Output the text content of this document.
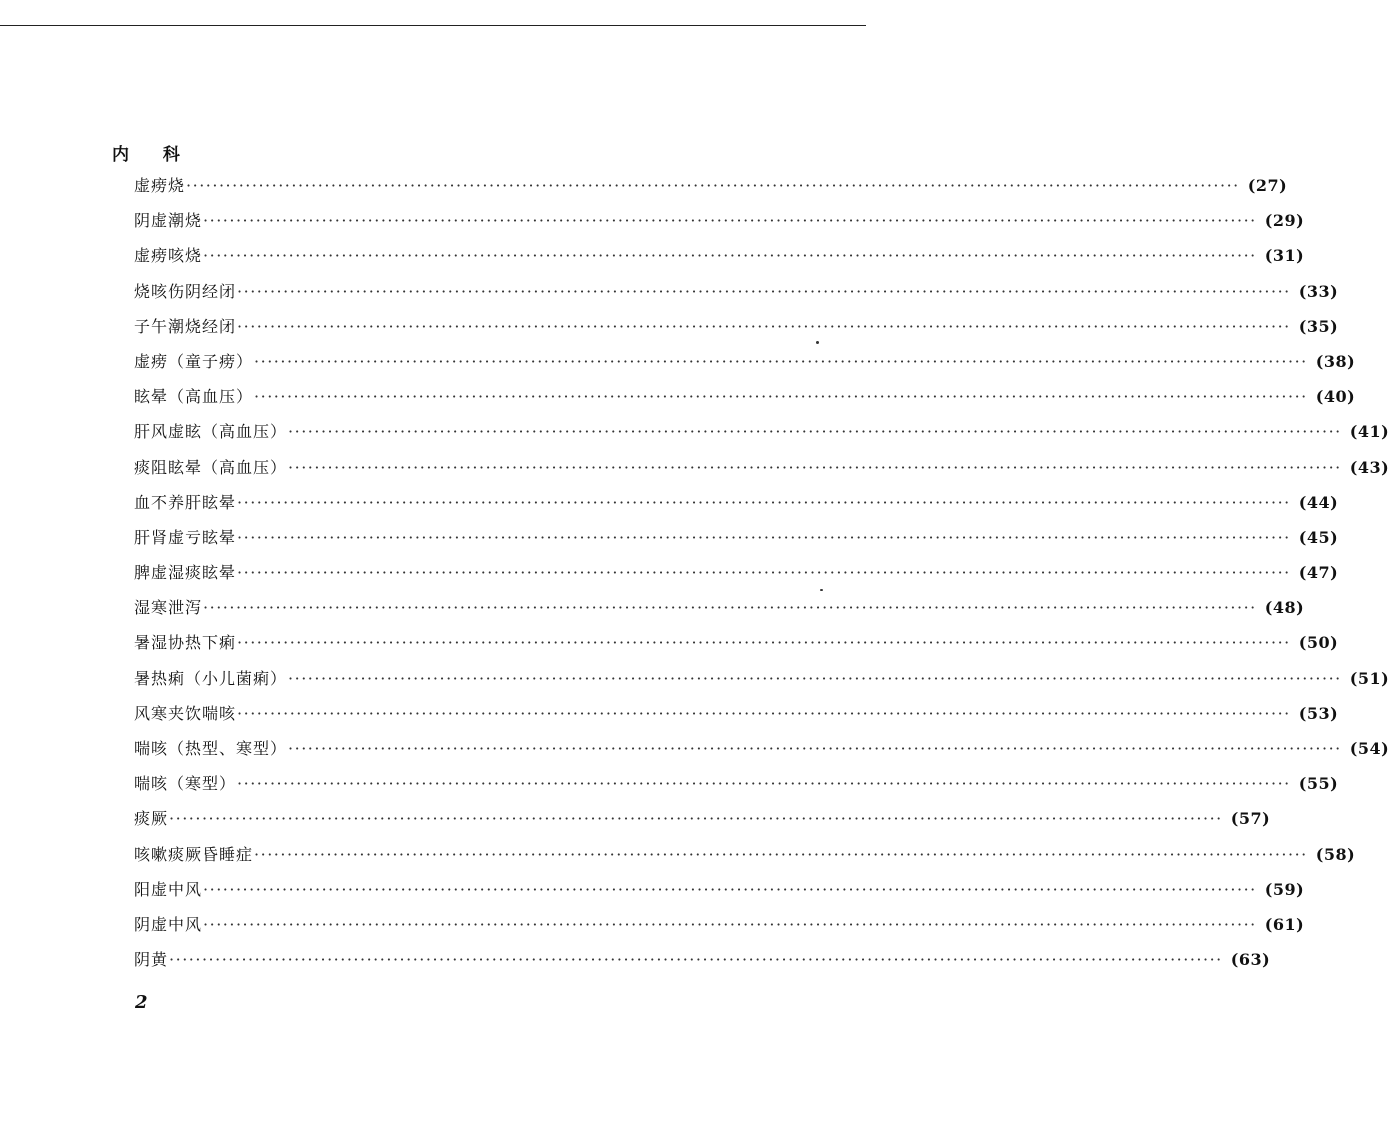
内 科
虚痨烧 ································································································································································ (27)
阴虚潮烧 ································································································································································ (29)
虚痨咳烧 ································································································································································ (31)
烧咳伤阴经闭 ································································································································································ (33)
子午潮烧经闭 ································································································································································ (35)
虚痨（童子痨） ································································································································································ (38)
眩晕（高血压） ································································································································································ (40)
肝风虚眩（高血压） ································································································································································ (41)
痰阻眩晕（高血压） ································································································································································ (43)
血不养肝眩晕 ································································································································································ (44)
肝肾虚亏眩晕 ································································································································································ (45)
脾虚湿痰眩晕 ································································································································································ (47)
湿寒泄泻 ································································································································································ (48)
暑湿协热下痢 ································································································································································ (50)
暑热痢（小儿菌痢） ································································································································································ (51)
风寒夹饮喘咳 ································································································································································ (53)
喘咳（热型、寒型） ································································································································································ (54)
喘咳（寒型） ································································································································································ (55)
痰厥 ································································································································································ (57)
咳嗽痰厥昏睡症 ································································································································································ (58)
阳虚中风 ································································································································································ (59)
阴虚中风 ································································································································································ (61)
阴黄 ································································································································································ (63)
2
